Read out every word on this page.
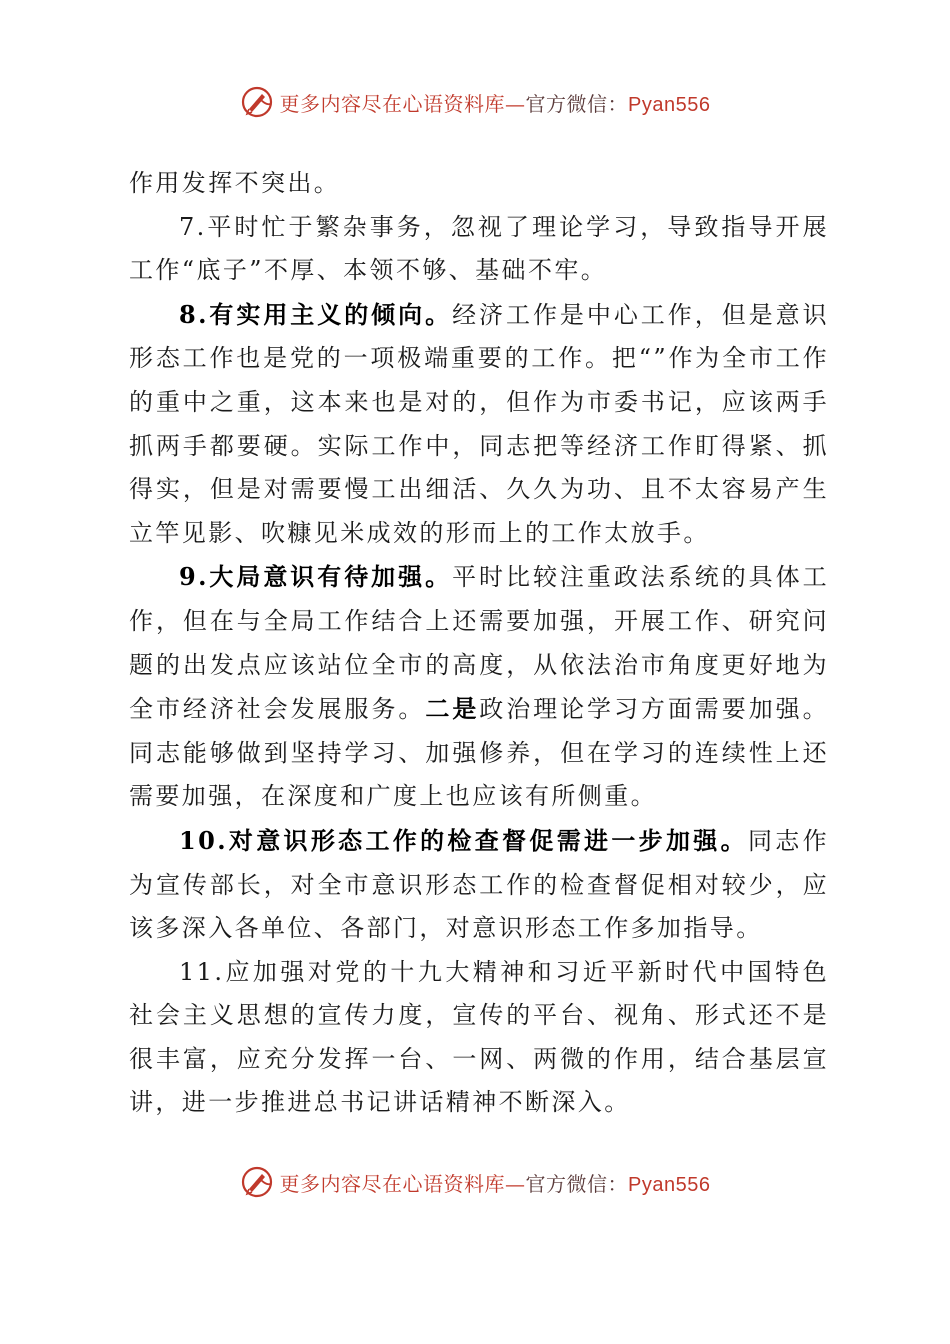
更多内容尽在心语资料库—官方微信：Pyan556

作用发挥不突出。

7.平时忙于繁杂事务，忽视了理论学习，导致指导开展工作“底子”不厚、本领不够、基础不牢。

8.有实用主义的倾向。经济工作是中心工作，但是意识形态工作也是党的一项极端重要的工作。把“”作为全市工作的重中之重，这本来也是对的，但作为市委书记，应该两手抓两手都要硬。实际工作中，同志把等经济工作盯得紧、抓得实，但是对需要慢工出细活、久久为功、且不太容易产生立竿见影、吹糠见米成效的形而上的工作太放手。

9.大局意识有待加强。平时比较注重政法系统的具体工作，但在与全局工作结合上还需要加强，开展工作、研究问题的出发点应该站位全市的高度，从依法治市角度更好地为全市经济社会发展服务。二是政治理论学习方面需要加强。同志能够做到坚持学习、加强修养，但在学习的连续性上还需要加强，在深度和广度上也应该有所侧重。

10.对意识形态工作的检查督促需进一步加强。同志作为宣传部长，对全市意识形态工作的检查督促相对较少，应该多深入各单位、各部门，对意识形态工作多加指导。

11.应加强对党的十九大精神和习近平新时代中国特色社会主义思想的宣传力度，宣传的平台、视角、形式还不是很丰富，应充分发挥一台、一网、两微的作用，结合基层宣讲，进一步推进总书记讲话精神不断深入。

更多内容尽在心语资料库—官方微信：Pyan556
